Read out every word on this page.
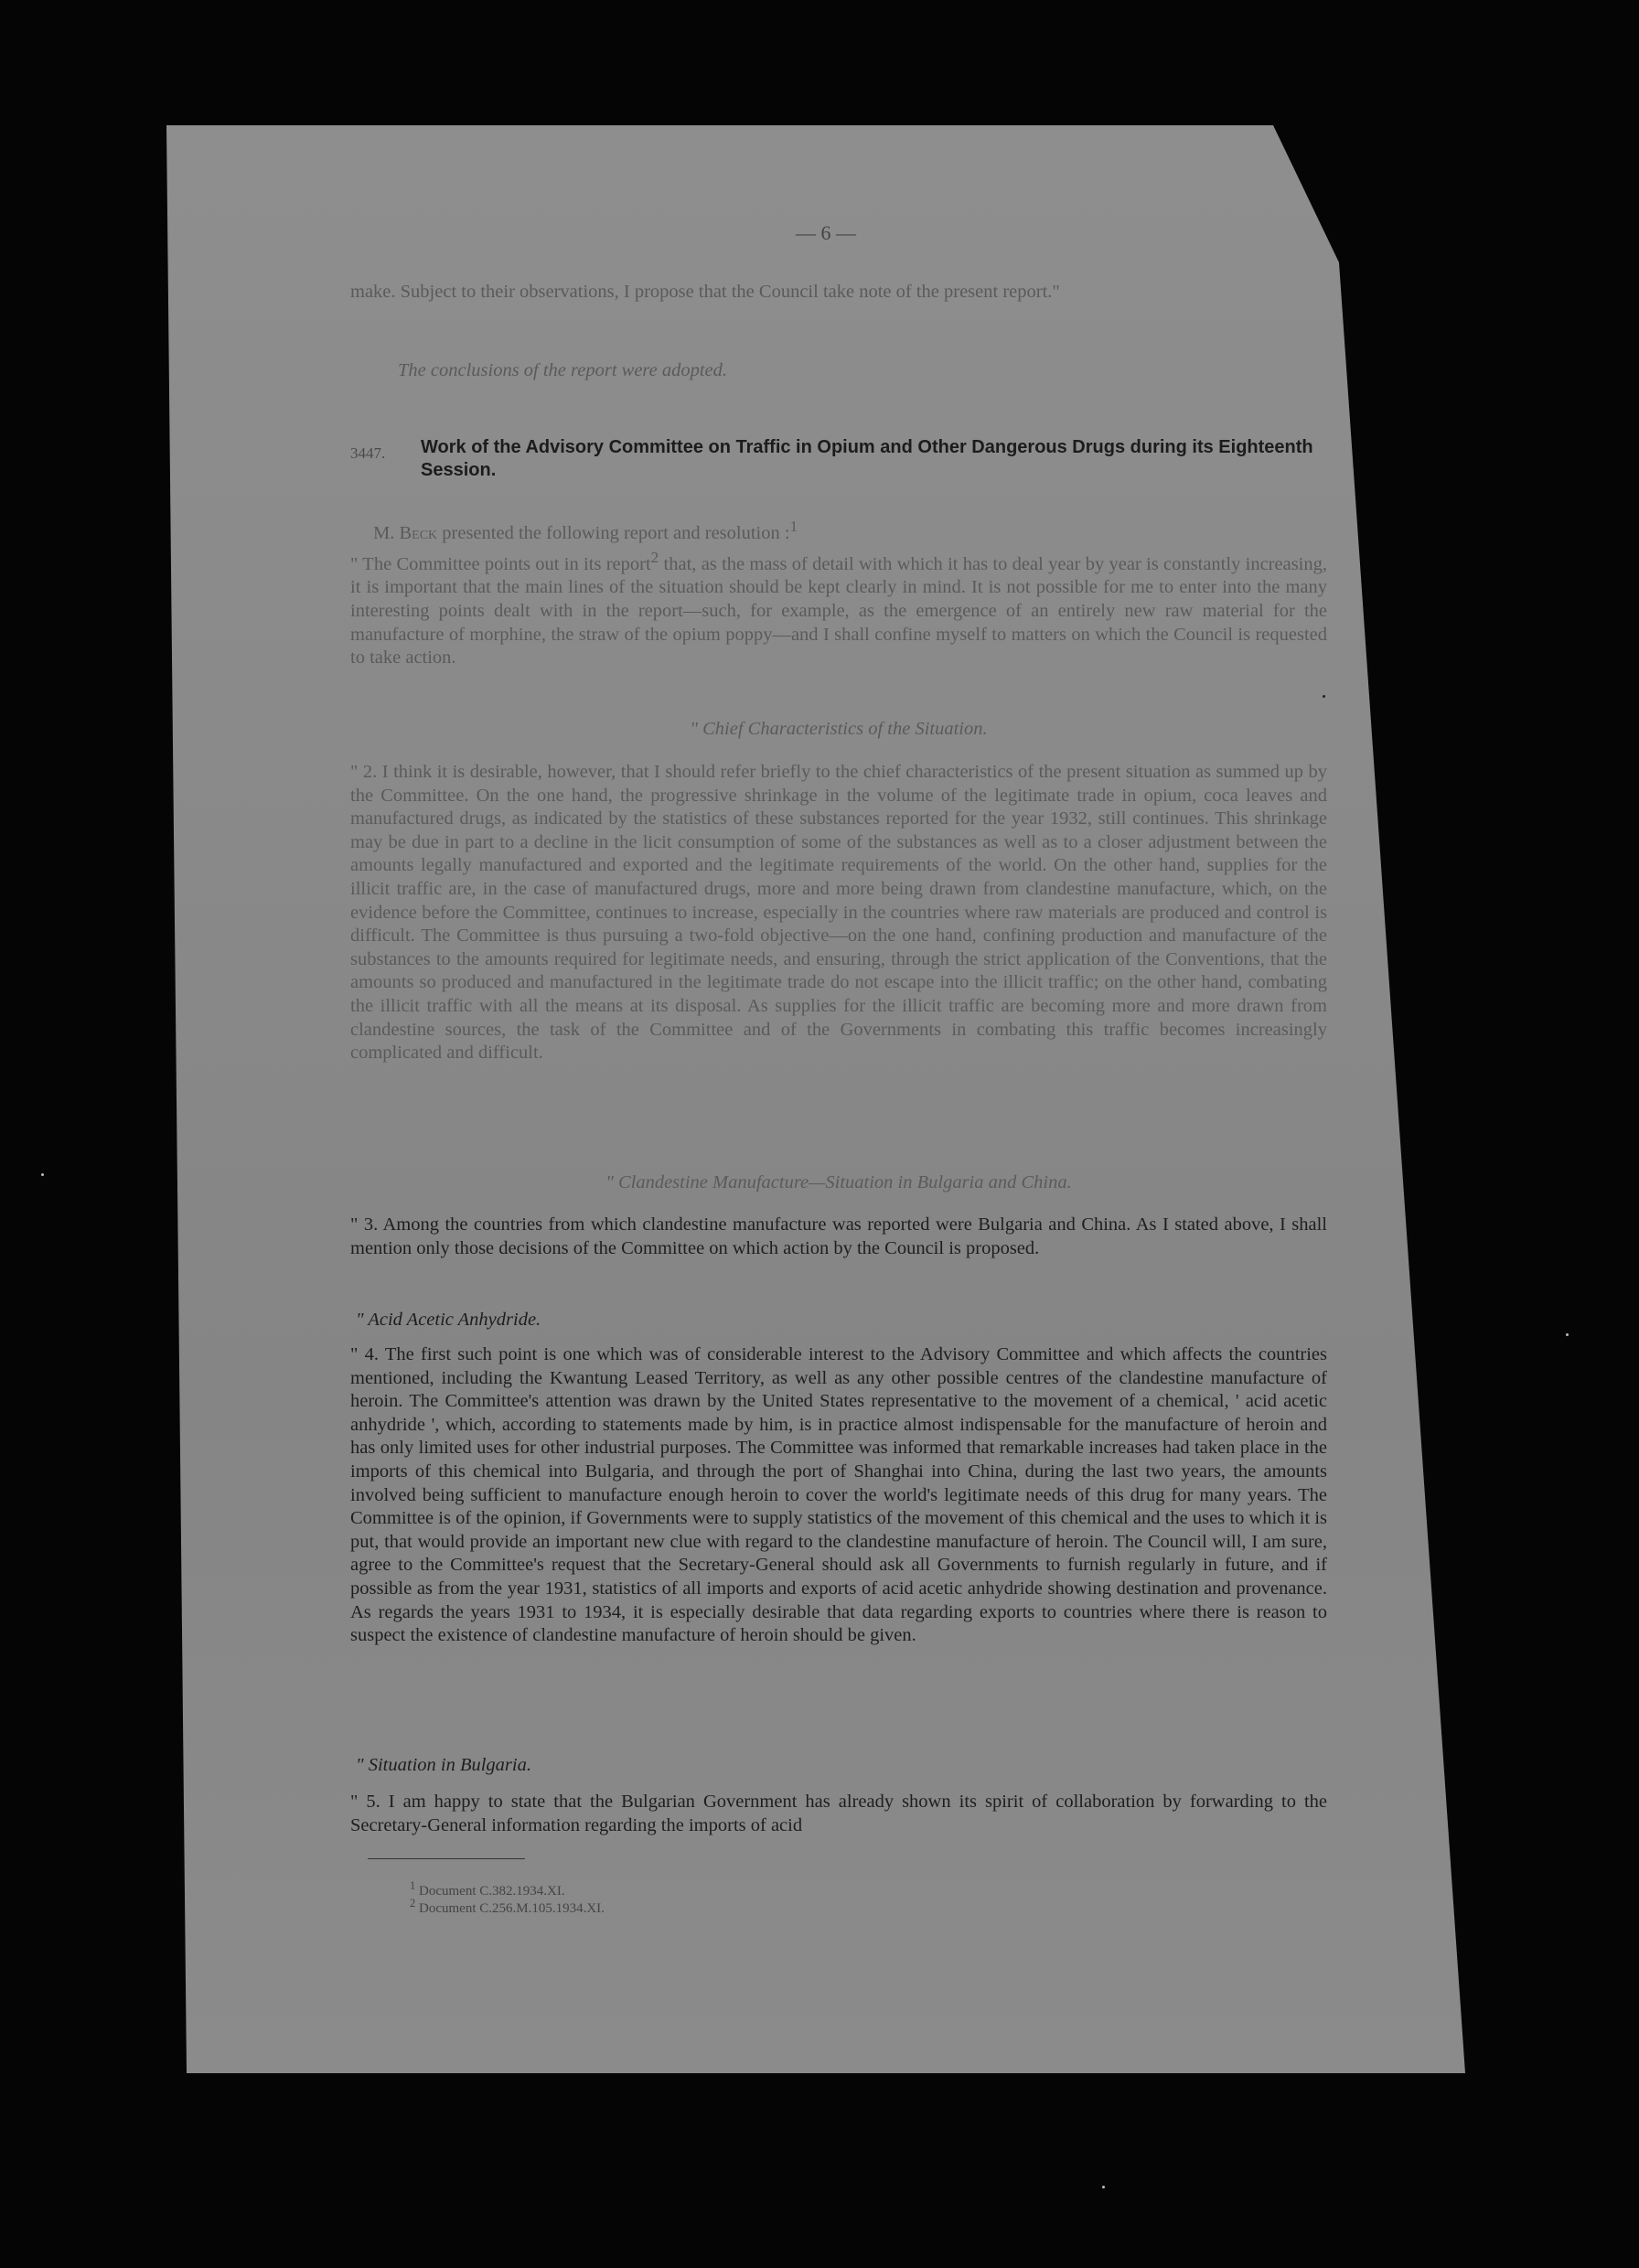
— 6 —

make. Subject to their observations, I propose that the Council take note of the present report."

The conclusions of the report were adopted.

3447. Work of the Advisory Committee on Traffic in Opium and Other Dangerous Drugs during its Eighteenth Session.

M. Beck presented the following report and resolution :$^1$

" The Committee points out in its report$^2$ that, as the mass of detail with which it has to deal year by year is constantly increasing, it is important that the main lines of the situation should be kept clearly in mind. It is not possible for me to enter into the many interesting points dealt with in the report—such, for example, as the emergence of an entirely new raw material for the manufacture of morphine, the straw of the opium poppy—and I shall confine myself to matters on which the Council is requested to take action.

" Chief Characteristics of the Situation.

" 2. I think it is desirable, however, that I should refer briefly to the chief characteristics of the present situation as summed up by the Committee. On the one hand, the progressive shrinkage in the volume of the legitimate trade in opium, coca leaves and manufactured drugs, as indicated by the statistics of these substances reported for the year 1932, still continues. This shrinkage may be due in part to a decline in the licit consumption of some of the substances as well as to a closer adjustment between the amounts legally manufactured and exported and the legitimate requirements of the world. On the other hand, supplies for the illicit traffic are, in the case of manufactured drugs, more and more being drawn from clandestine manufacture, which, on the evidence before the Committee, continues to increase, especially in the countries where raw materials are produced and control is difficult. The Committee is thus pursuing a two-fold objective—on the one hand, confining production and manufacture of the substances to the amounts required for legitimate needs, and ensuring, through the strict application of the Conventions, that the amounts so produced and manufactured in the legitimate trade do not escape into the illicit traffic; on the other hand, combating the illicit traffic with all the means at its disposal. As supplies for the illicit traffic are becoming more and more drawn from clandestine sources, the task of the Committee and of the Governments in combating this traffic becomes increasingly complicated and difficult.

" Clandestine Manufacture—Situation in Bulgaria and China.

" 3. Among the countries from which clandestine manufacture was reported were Bulgaria and China. As I stated above, I shall mention only those decisions of the Committee on which action by the Council is proposed.

" Acid Acetic Anhydride.

" 4. The first such point is one which was of considerable interest to the Advisory Committee and which affects the countries mentioned, including the Kwantung Leased Territory, as well as any other possible centres of the clandestine manufacture of heroin. The Committee's attention was drawn by the United States representative to the movement of a chemical, ' acid acetic anhydride ', which, according to statements made by him, is in practice almost indispensable for the manufacture of heroin and has only limited uses for other industrial purposes. The Committee was informed that remarkable increases had taken place in the imports of this chemical into Bulgaria, and through the port of Shanghai into China, during the last two years, the amounts involved being sufficient to manufacture enough heroin to cover the world's legitimate needs of this drug for many years. The Committee is of the opinion, if Governments were to supply statistics of the movement of this chemical and the uses to which it is put, that would provide an important new clue with regard to the clandestine manufacture of heroin. The Council will, I am sure, agree to the Committee's request that the Secretary-General should ask all Governments to furnish regularly in future, and if possible as from the year 1931, statistics of all imports and exports of acid acetic anhydride showing destination and provenance. As regards the years 1931 to 1934, it is especially desirable that data regarding exports to countries where there is reason to suspect the existence of clandestine manufacture of heroin should be given.

" Situation in Bulgaria.

" 5. I am happy to state that the Bulgarian Government has already shown its spirit of collaboration by forwarding to the Secretary-General information regarding the imports of acid

$^1$ Document C.382.1934.XI.
$^2$ Document C.256.M.105.1934.XI.
